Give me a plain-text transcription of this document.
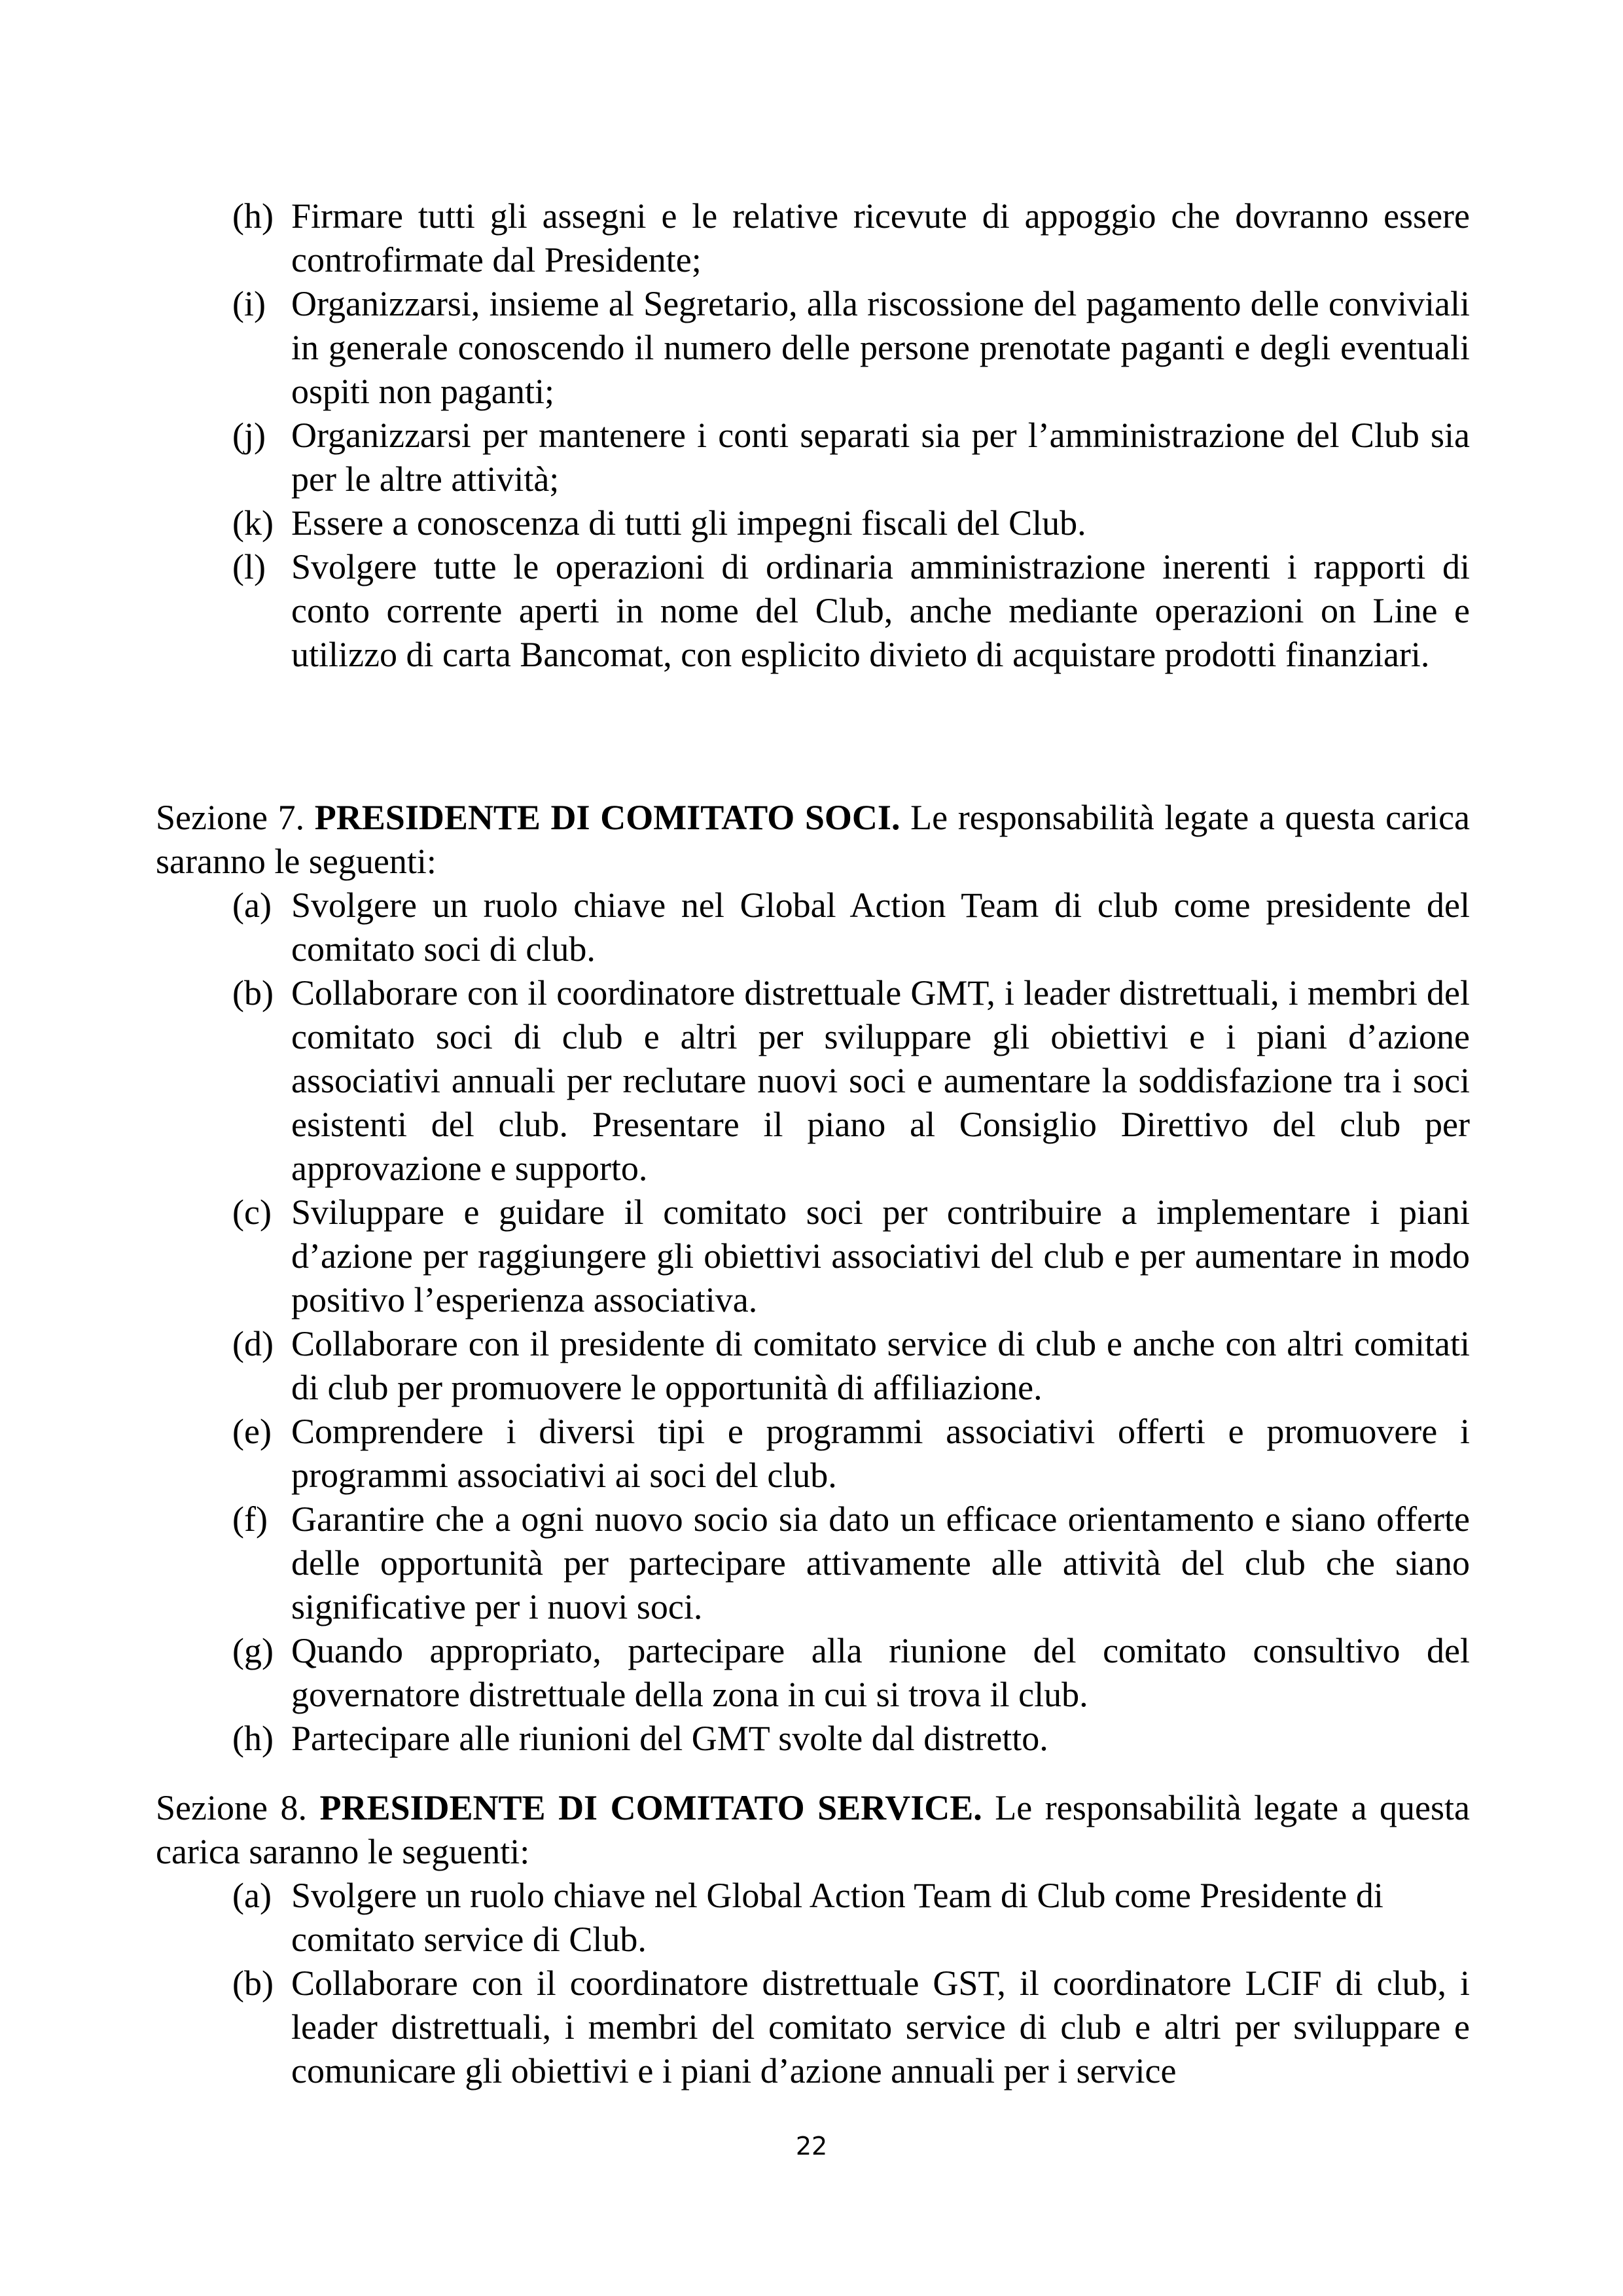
(h) Firmare tutti gli assegni e le relative ricevute di appoggio che dovranno essere controfirmate dal Presidente;

(i) Organizzarsi, insieme al Segretario, alla riscossione del pagamento delle conviviali in generale conoscendo il numero delle persone prenotate paganti e degli eventuali ospiti non paganti;

(j) Organizzarsi per mantenere i conti separati sia per l’amministrazione del Club sia per le altre attività;

(k) Essere a conoscenza di tutti gli impegni fiscali del Club.

(l) Svolgere tutte le operazioni di ordinaria amministrazione inerenti i rapporti di conto corrente aperti in nome del Club, anche mediante operazioni on Line e utilizzo di carta Bancomat, con esplicito divieto di acquistare prodotti finanziari.

Sezione 7. PRESIDENTE DI COMITATO SOCI. Le responsabilità legate a questa carica saranno le seguenti:

(a) Svolgere un ruolo chiave nel Global Action Team di club come presidente del comitato soci di club.

(b) Collaborare con il coordinatore distrettuale GMT, i leader distrettuali, i membri del comitato soci di club e altri per sviluppare gli obiettivi e i piani d’azione associativi annuali per reclutare nuovi soci e aumentare la soddisfazione tra i soci esistenti del club. Presentare il piano al Consiglio Direttivo del club per approvazione e supporto.

(c) Sviluppare e guidare il comitato soci per contribuire a implementare i piani d’azione per raggiungere gli obiettivi associativi del club e per aumentare in modo positivo l’esperienza associativa.

(d) Collaborare con il presidente di comitato service di club e anche con altri comitati di club per promuovere le opportunità di affiliazione.

(e) Comprendere i diversi tipi e programmi associativi offerti e promuovere i programmi associativi ai soci del club.

(f) Garantire che a ogni nuovo socio sia dato un efficace orientamento e siano offerte delle opportunità per partecipare attivamente alle attività del club che siano significative per i nuovi soci.

(g) Quando appropriato, partecipare alla riunione del comitato consultivo del governatore distrettuale della zona in cui si trova il club.

(h) Partecipare alle riunioni del GMT svolte dal distretto.

Sezione 8. PRESIDENTE DI COMITATO SERVICE. Le responsabilità legate a questa carica saranno le seguenti:

(a) Svolgere un ruolo chiave nel Global Action Team di Club come Presidente di comitato service di Club.

(b) Collaborare con il coordinatore distrettuale GST, il coordinatore LCIF di club, i leader distrettuali, i membri del comitato service di club e altri per sviluppare e comunicare gli obiettivi e i piani d’azione annuali per i service

22
